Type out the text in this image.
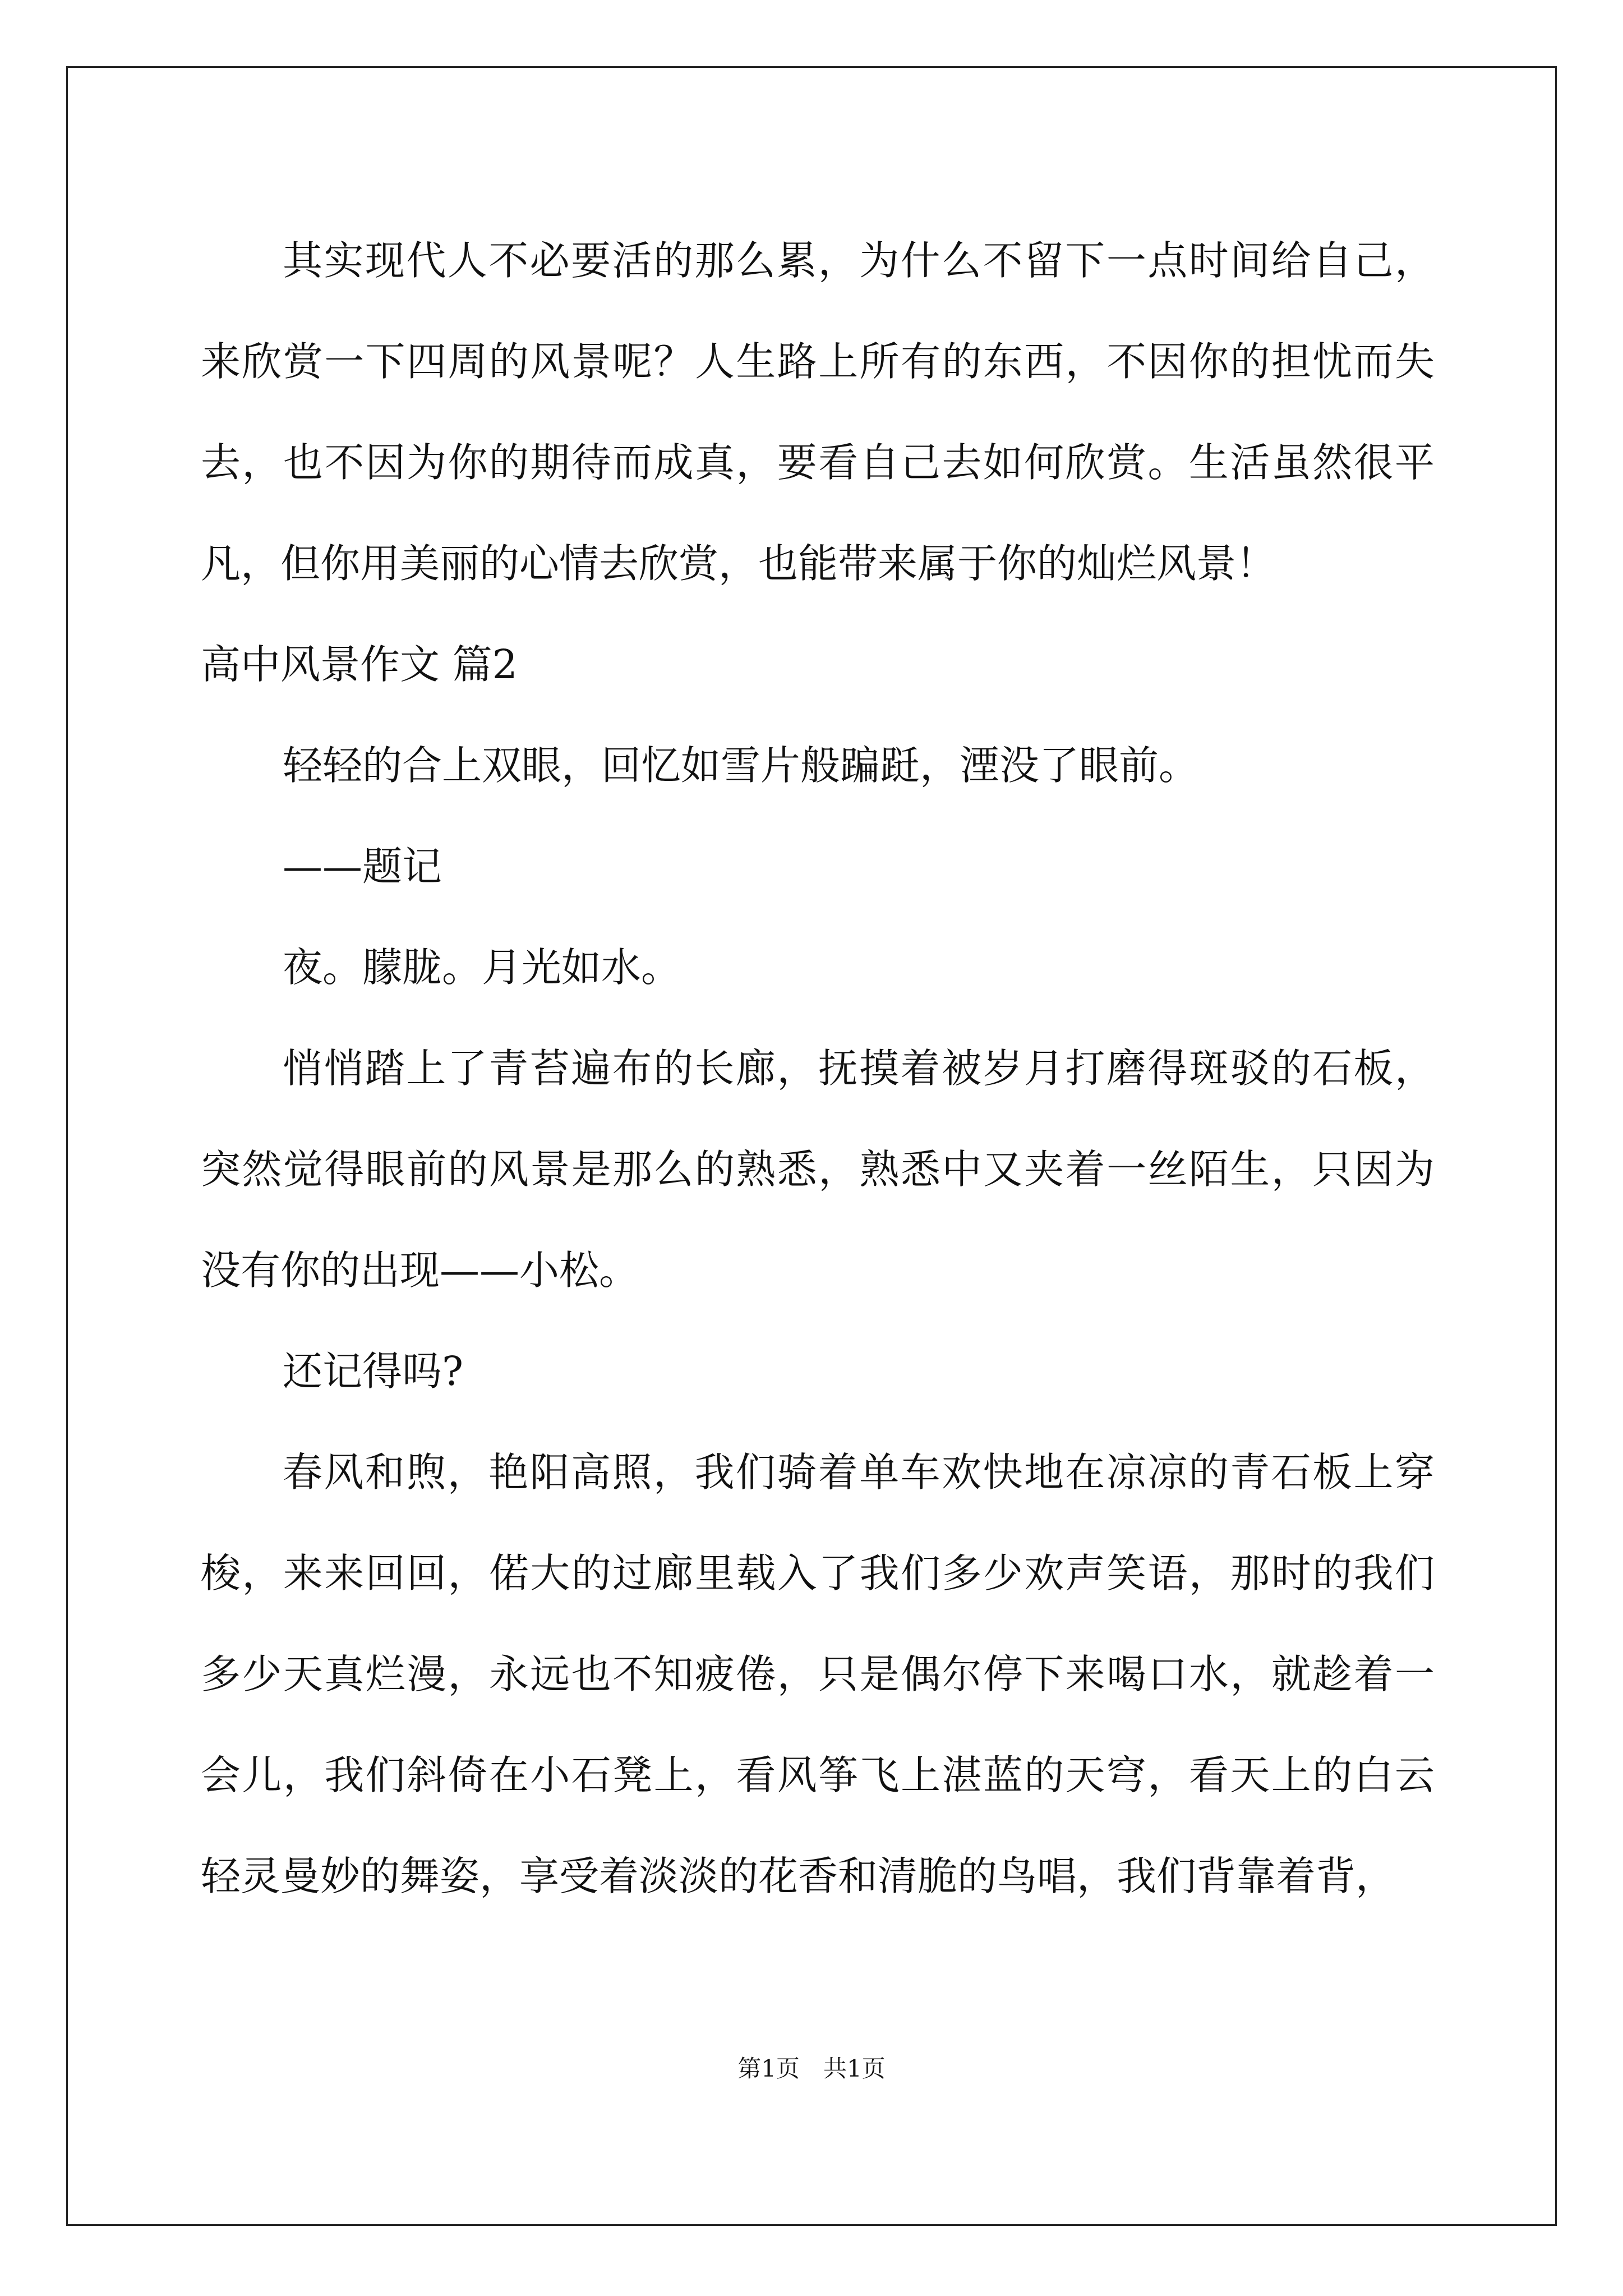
其实现代人不必要活的那么累，为什么不留下一点时间给自己，来欣赏一下四周的风景呢？人生路上所有的东西，不因你的担忧而失去，也不因为你的期待而成真，要看自己去如何欣赏。生活虽然很平凡，但你用美丽的心情去欣赏，也能带来属于你的灿烂风景！

高中风景作文 篇2

轻轻的合上双眼，回忆如雪片般蹁跹，湮没了眼前。

——题记

夜。朦胧。月光如水。

悄悄踏上了青苔遍布的长廊，抚摸着被岁月打磨得斑驳的石板，突然觉得眼前的风景是那么的熟悉，熟悉中又夹着一丝陌生，只因为没有你的出现——小松。

还记得吗?

春风和煦，艳阳高照，我们骑着单车欢快地在凉凉的青石板上穿梭，来来回回，偌大的过廊里载入了我们多少欢声笑语，那时的我们多少天真烂漫，永远也不知疲倦，只是偶尔停下来喝口水，就趁着一会儿，我们斜倚在小石凳上，看风筝飞上湛蓝的天穹，看天上的白云轻灵曼妙的舞姿，享受着淡淡的花香和清脆的鸟唱，我们背靠着背，

第1页　共1页
